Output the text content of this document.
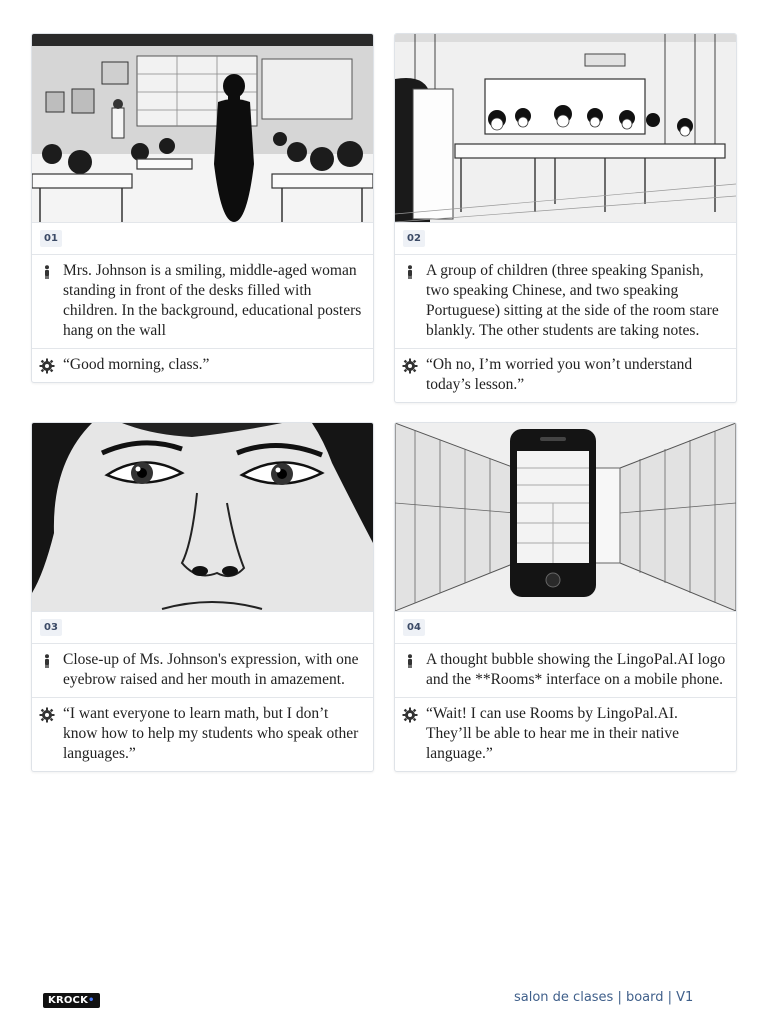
01
Mrs. Johnson is a smiling, middle-aged woman standing in front of the desks filled with children. In the background, educational posters hang on the wall
“Good morning, class.”
02
A group of children (three speaking Spanish, two speaking Chinese, and two speaking Portuguese) sitting at the side of the room stare blankly. The other students are taking notes.
“Oh no, I’m worried you won’t understand today’s lesson.”
03
Close-up of Ms. Johnson's expression, with one eyebrow raised and her mouth in amazement.
“I want everyone to learn math, but I don’t know how to help my students who speak other languages.”
04
A thought bubble showing the LingoPal.AI logo and the **Rooms* interface on a mobile phone.
“Wait! I can use Rooms by LingoPal.AI. They’ll be able to hear me in their native language.”
KROCK•	salon de clases | board | V1
